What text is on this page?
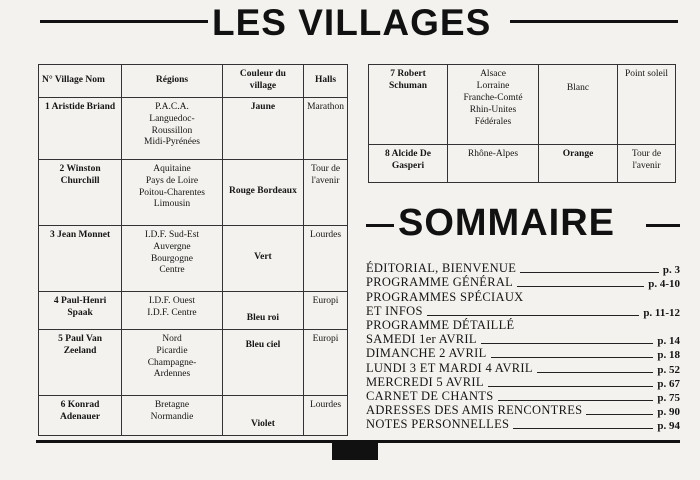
LES VILLAGES
N° Village Nom	Régions	Couleur du village	Halls
1 Aristide Briand	P.A.C.A.
Languedoc-
Roussillon
Midi-Pyrénées	Jaune	Marathon
2 Winston Churchill	Aquitaine
Pays de Loire
Poitou-Charentes
Limousin	Rouge Bordeaux	Tour de l'avenir
3 Jean Monnet	I.D.F. Sud-Est
Auvergne
Bourgogne
Centre	Vert	Lourdes
4 Paul-Henri Spaak	I.D.F. Ouest
I.D.F. Centre	Bleu roi	Europi
5 Paul Van Zeeland	Nord
Picardie
Champagne-
Ardennes	Bleu ciel	Europi
6 Konrad Adenauer	Bretagne
Normandie	Violet	Lourdes
7 Robert Schuman	Alsace
Lorraine
Franche-Comté
Rhin-Unites
Fédérales	Blanc	Point soleil
8 Alcide De Gasperi	Rhône-Alpes	Orange	Tour de l'avenir
SOMMAIRE
ÉDITORIAL, BIENVENUE	p. 3
PROGRAMME GÉNÉRAL	p. 4-10
PROGRAMMES SPÉCIAUX
ET INFOS	p. 11-12
PROGRAMME DÉTAILLÉ
SAMEDI 1er AVRIL	p. 14
DIMANCHE 2 AVRIL	p. 18
LUNDI 3 ET MARDI 4 AVRIL	p. 52
MERCREDI 5 AVRIL	p. 67
CARNET DE CHANTS	p. 75
ADRESSES DES AMIS RENCONTRES	p. 90
NOTES PERSONNELLES	p. 94
